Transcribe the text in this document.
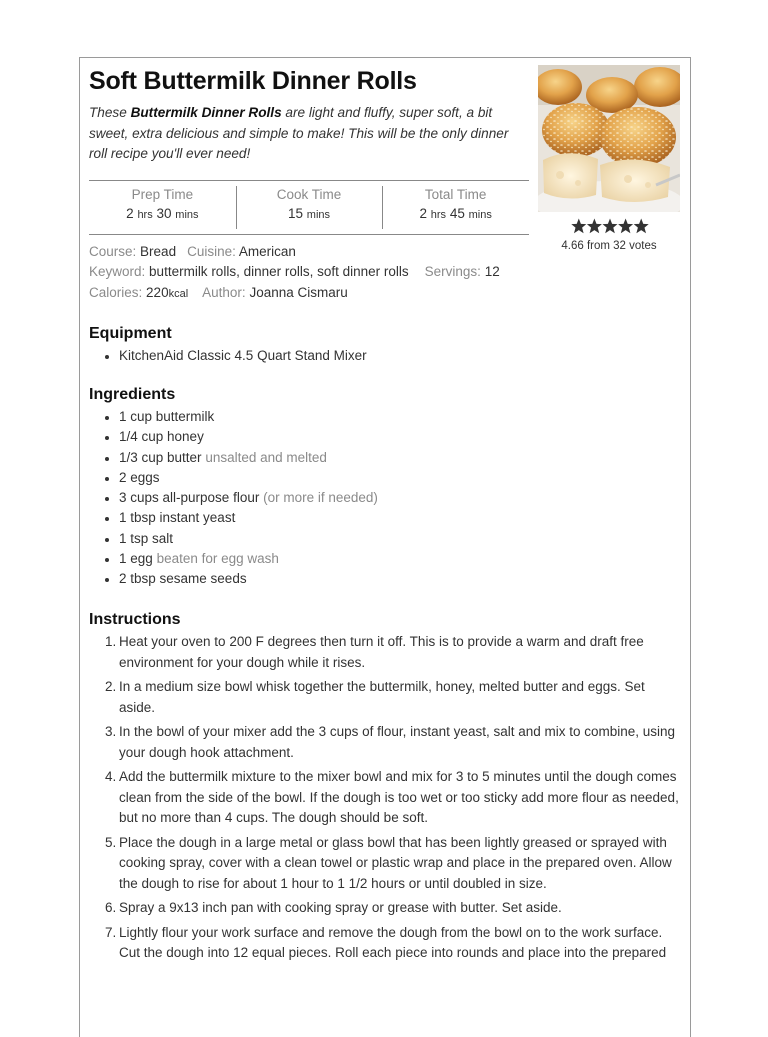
Soft Buttermilk Dinner Rolls

These Buttermilk Dinner Rolls are light and fluffy, super soft, a bit sweet, extra delicious and simple to make! This will be the only dinner roll recipe you'll ever need!

Prep Time
2 hrs 30 mins
Cook Time
15 mins
Total Time
2 hrs 45 mins

4.66 from 32 votes

Course: Bread Cuisine: American

Keyword: buttermilk rolls, dinner rolls, soft dinner rolls Servings: 12

Calories: 220kcal Author: Joanna Cismaru

Equipment
KitchenAid Classic 4.5 Quart Stand Mixer
Ingredients
1 cup buttermilk
1/4 cup honey
1/3 cup butter unsalted and melted
2 eggs
3 cups all-purpose flour (or more if needed)
1 tbsp instant yeast
1 tsp salt
1 egg beaten for egg wash
2 tbsp sesame seeds
Instructions
1. Heat your oven to 200 F degrees then turn it off. This is to provide a warm and draft free environment for your dough while it rises.
2. In a medium size bowl whisk together the buttermilk, honey, melted butter and eggs. Set aside.
3. In the bowl of your mixer add the 3 cups of flour, instant yeast, salt and mix to combine, using your dough hook attachment.
4. Add the buttermilk mixture to the mixer bowl and mix for 3 to 5 minutes until the dough comes clean from the side of the bowl. If the dough is too wet or too sticky add more flour as needed, but no more than 4 cups. The dough should be soft.
5. Place the dough in a large metal or glass bowl that has been lightly greased or sprayed with cooking spray, cover with a clean towel or plastic wrap and place in the prepared oven. Allow the dough to rise for about 1 hour to 1 1/2 hours or until doubled in size.
6. Spray a 9x13 inch pan with cooking spray or grease with butter. Set aside.
7. Lightly flour your work surface and remove the dough from the bowl on to the work surface. Cut the dough into 12 equal pieces. Roll each piece into rounds and place into the prepared
